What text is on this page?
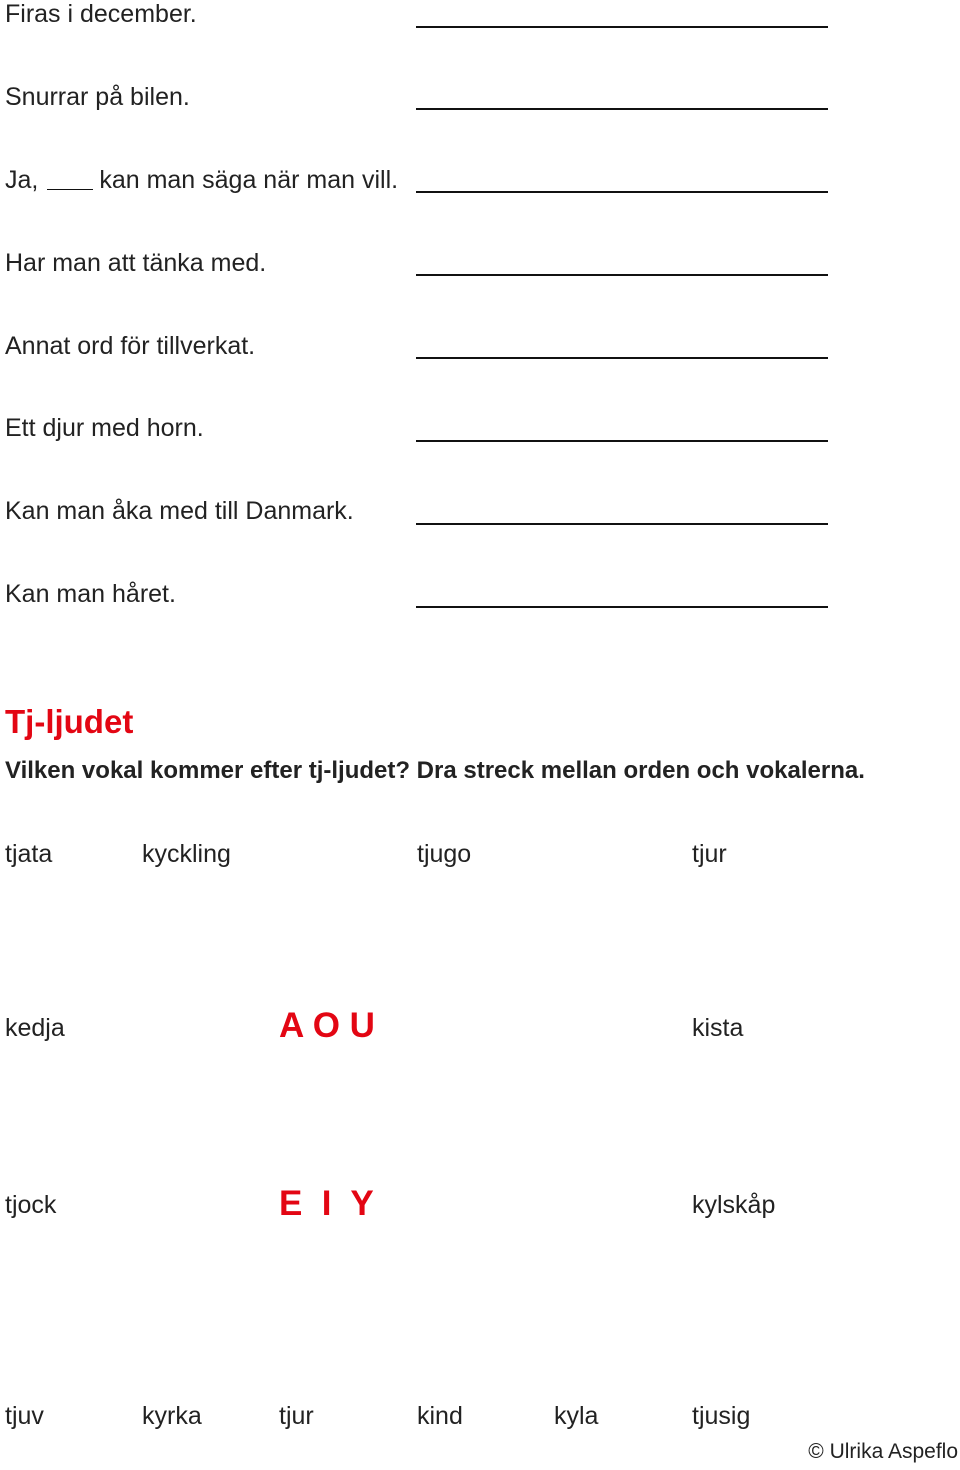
Firas i december.
Snurrar på bilen.
Ja, kan man säga när man vill.
Har man att tänka med.
Annat ord för tillverkat.
Ett djur med horn.
Kan man åka med till Danmark.
Kan man håret.
Tj-ljudet
Vilken vokal kommer efter tj-ljudet? Dra streck mellan orden och vokalerna.
tjata	kyckling	tjugo	tjur
kedja	A O U	kista
tjock	E  I  Y	kylskåp
tjuv	kyrka	tjur	kind	kyla	tjusig
© Ulrika Aspeflo
